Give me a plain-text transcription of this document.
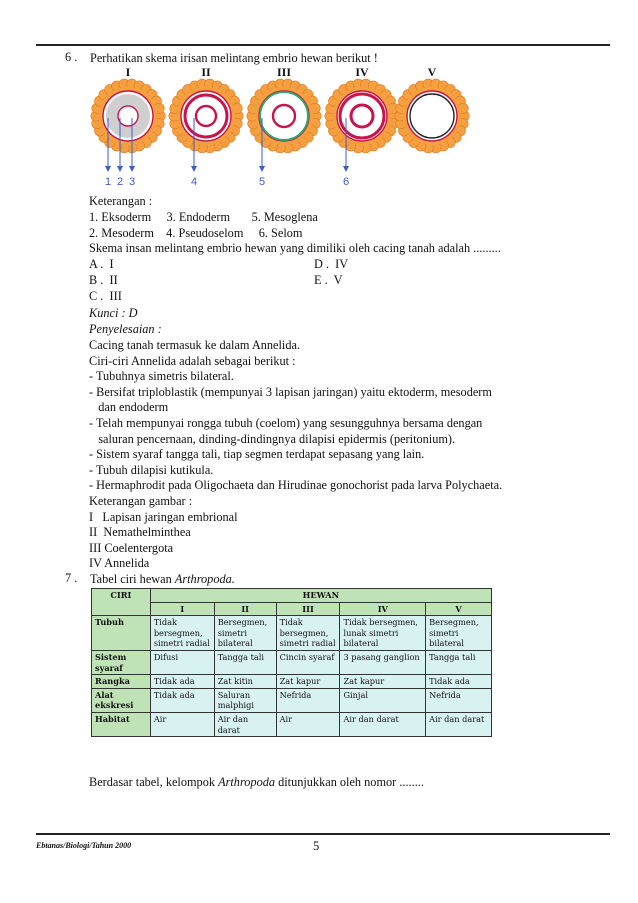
6 . Perhatikan skema irisan melintang embrio hewan berikut !
I	II	III	IV	V
1 2 3	4	5	6
Keterangan :
1. Eksoderm     3. Endoderm       5. Mesoglena
2. Mesoderm    4. Pseudoselom     6. Selom
Skema insan melintang embrio hewan yang dimiliki oleh cacing tanah adalah .........
A .  I	D .  IV
B .  II	E .  V
C .  III
Kunci : D
Penyelesaian :
Cacing tanah termasuk ke dalam Annelida.
Ciri-ciri Annelida adalah sebagai berikut :
- Tubuhnya simetris bilateral.
- Bersifat triploblastik (mempunyai 3 lapisan jaringan) yaitu ektoderm, mesoderm
dan endoderm
- Telah mempunyai rongga tubuh (coelom) yang sesungguhnya bersama dengan
saluran pencernaan, dinding-dindingnya dilapisi epidermis (peritonium).
- Sistem syaraf tangga tali, tiap segmen terdapat sepasang yang lain.
- Tubuh dilapisi kutikula.
- Hermaphrodit pada Oligochaeta dan Hirudinae gonochorist pada larva Polychaeta.
Keterangan gambar :
I   Lapisan jaringan embrional
II  Nemathelminthea
III Coelentergota
IV Annelida
7 . Tabel ciri hewan Arthropoda.
CIRI	HEWAN				
	I	II	III	IV	V
Tubuh	Tidak bersegmen, simetri radial	Bersegmen, simetri bilateral	Tidak bersegmen, simetri radial	Tidak bersegmen, lunak simetri bilateral	Bersegmen, simetri bilateral
Sistem syaraf	Difusi	Tangga tali	Cincin syaraf	3 pasang ganglion	Tangga tali
Rangka	Tidak ada	Zat kitin	Zat kapur	Zat kapur	Tidak ada
Alat ekskresi	Tidak ada	Saluran malphigi	Nefrida	Ginjal	Nefrida
Habitat	Air	Air dan darat	Air	Air dan darat	Air dan darat
Berdasar tabel, kelompok Arthropoda ditunjukkan oleh nomor ........
Ebtanas/Biologi/Tahun 2000	5
